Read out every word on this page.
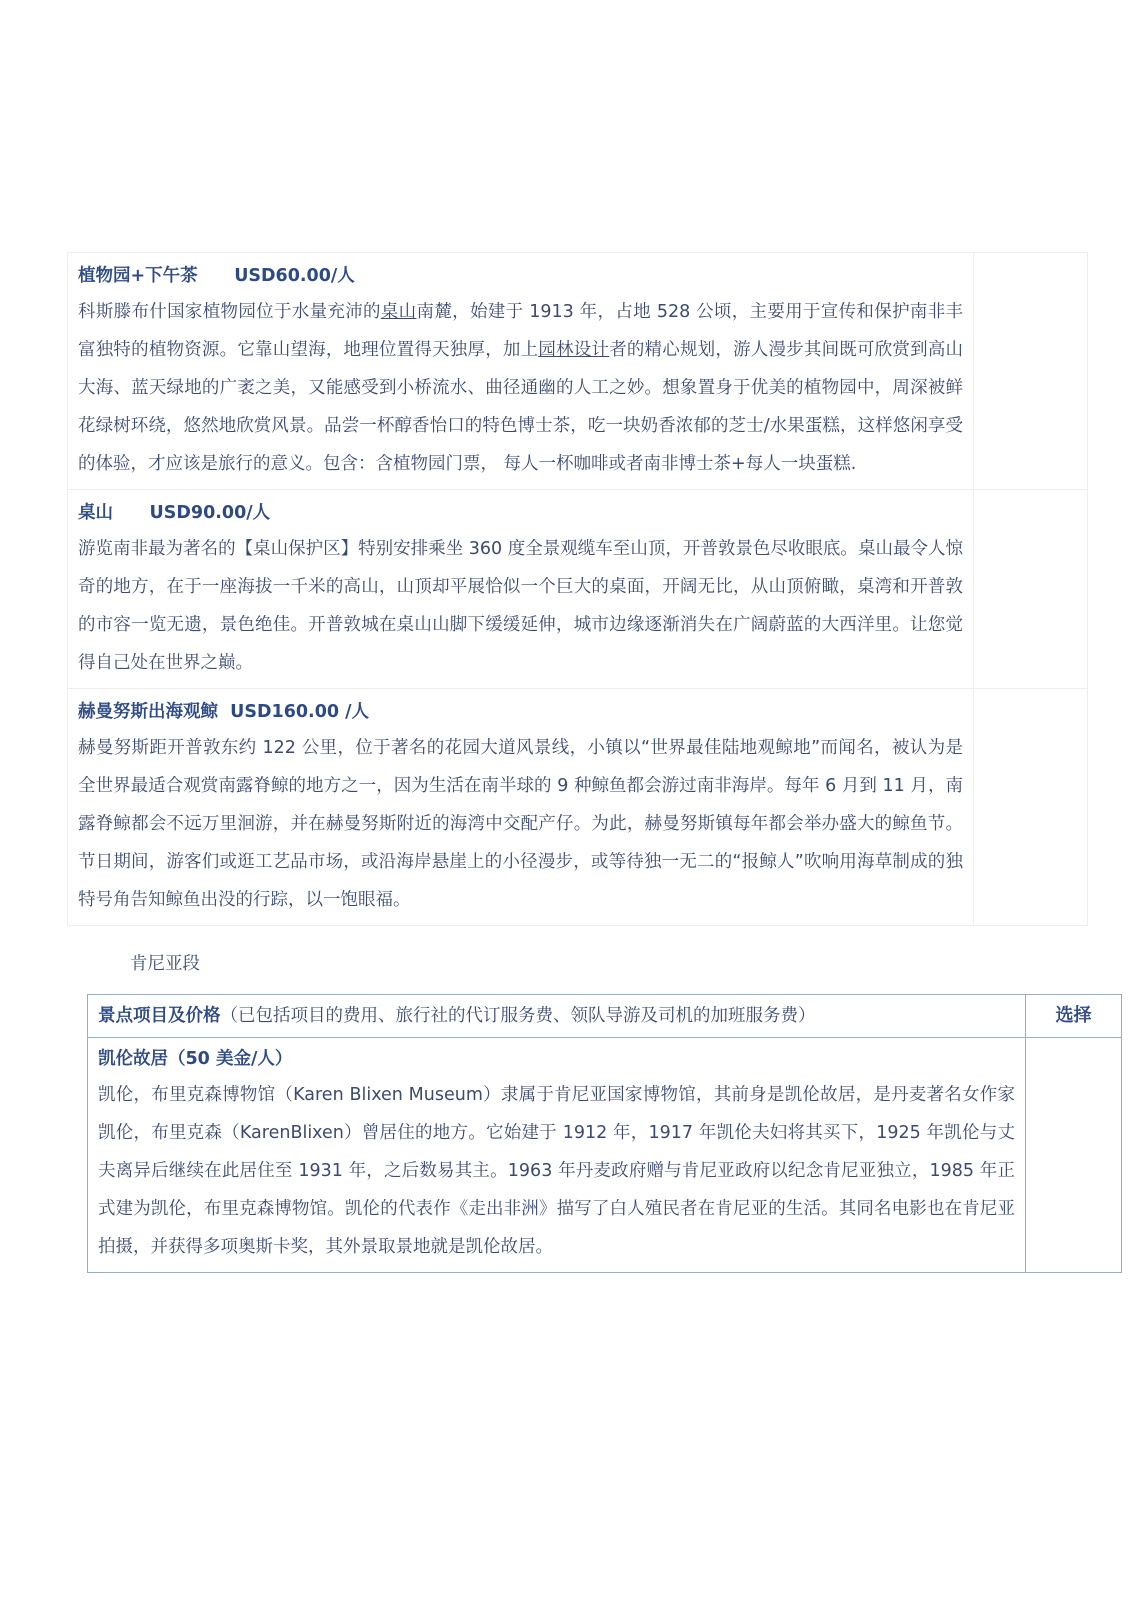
植物园+下午茶      USD60.00/人
科斯滕布什国家植物园位于水量充沛的桌山南麓，始建于 1913 年，占地 528 公顷，主要用于宣传和保护南非丰富独特的植物资源。它靠山望海，地理位置得天独厚，加上园林设计者的精心规划，游人漫步其间既可欣赏到高山大海、蓝天绿地的广袤之美，又能感受到小桥流水、曲径通幽的人工之妙。想象置身于优美的植物园中，周深被鲜花绿树环绕，悠然地欣赏风景。品尝一杯醇香怡口的特色博士茶，吃一块奶香浓郁的芝士/水果蛋糕，这样悠闲享受的体验，才应该是旅行的意义。包含：含植物园门票， 每人一杯咖啡或者南非博士茶+每人一块蛋糕.	

桌山      USD90.00/人
游览南非最为著名的【桌山保护区】特别安排乘坐 360 度全景观缆车至山顶，开普敦景色尽收眼底。桌山最令人惊奇的地方，在于一座海拔一千米的高山，山顶却平展恰似一个巨大的桌面，开阔无比，从山顶俯瞰，桌湾和开普敦的市容一览无遗，景色绝佳。开普敦城在桌山山脚下缓缓延伸，城市边缘逐渐消失在广阔蔚蓝的大西洋里。让您觉得自己处在世界之巅。	

赫曼努斯出海观鲸  USD160.00 /人
赫曼努斯距开普敦东约 122 公里，位于著名的花园大道风景线，小镇以“世界最佳陆地观鲸地”而闻名，被认为是全世界最适合观赏南露脊鲸的地方之一，因为生活在南半球的 9 种鲸鱼都会游过南非海岸。每年 6 月到 11 月，南露脊鲸都会不远万里洄游，并在赫曼努斯附近的海湾中交配产仔。为此，赫曼努斯镇每年都会举办盛大的鲸鱼节。节日期间，游客们或逛工艺品市场，或沿海岸悬崖上的小径漫步，或等待独一无二的“报鲸人”吹响用海草制成的独特号角告知鲸鱼出没的行踪，以一饱眼福。	

肯尼亚段
景点项目及价格（已包括项目的费用、旅行社的代订服务费、领队导游及司机的加班服务费）	选择

凯伦故居（50 美金/人）
凯伦，布里克森博物馆（Karen Blixen Museum）隶属于肯尼亚国家博物馆，其前身是凯伦故居，是丹麦著名女作家凯伦，布里克森（KarenBlixen）曾居住的地方。它始建于 1912 年，1917 年凯伦夫妇将其买下，1925 年凯伦与丈夫离异后继续在此居住至 1931 年，之后数易其主。1963 年丹麦政府赠与肯尼亚政府以纪念肯尼亚独立，1985 年正式建为凯伦，布里克森博物馆。凯伦的代表作《走出非洲》描写了白人殖民者在肯尼亚的生活。其同名电影也在肯尼亚拍摄，并获得多项奥斯卡奖，其外景取景地就是凯伦故居。	
